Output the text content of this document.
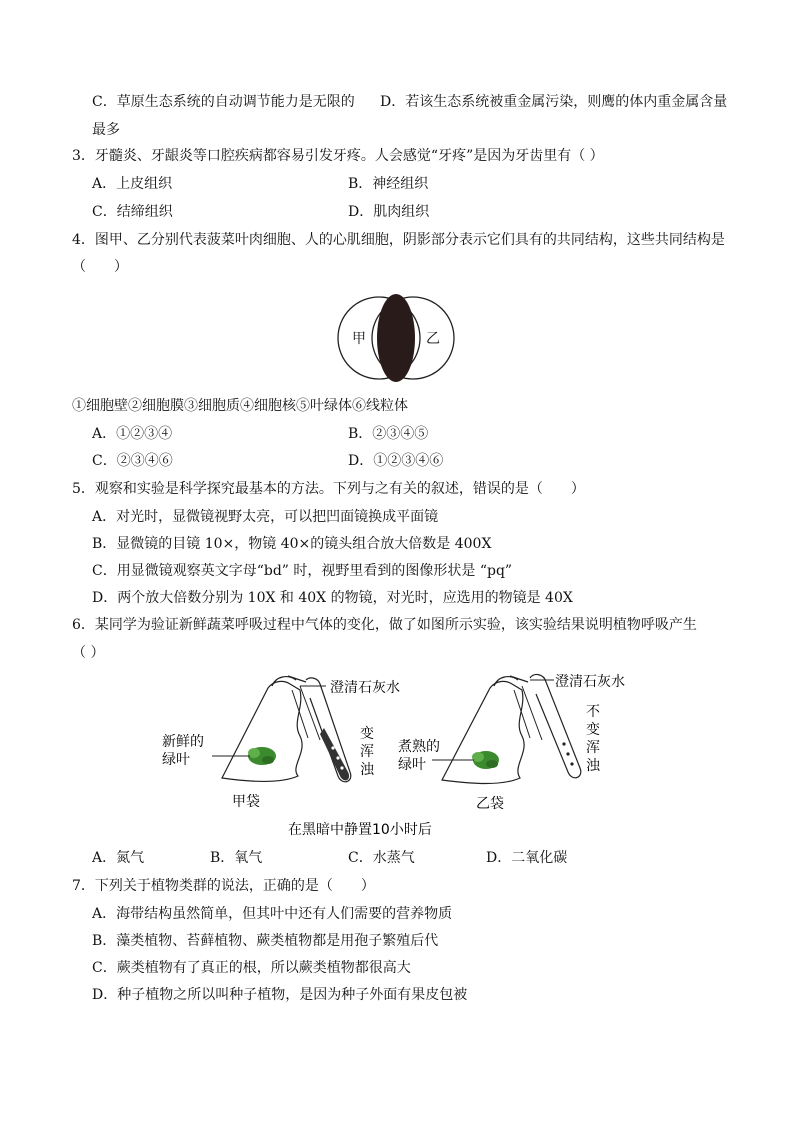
C．草原生态系统的自动调节能力是无限的 D．若该生态系统被重金属污染，则鹰的体内重金属含量
最多
3．牙髓炎、牙龈炎等口腔疾病都容易引发牙疼。人会感觉“牙疼”是因为牙齿里有（ ）
A．上皮组织	B．神经组织
C．结缔组织	D．肌肉组织
4．图甲、乙分别代表菠菜叶肉细胞、人的心肌细胞，阴影部分表示它们具有的共同结构，这些共同结构是
（　　）
甲	乙
①细胞壁②细胞膜③细胞质④细胞核⑤叶绿体⑥线粒体
A．①②③④	B．②③④⑤
C．②③④⑥	D．①②③④⑥
5．观察和实验是科学探究最基本的方法。下列与之有关的叙述，错误的是（　　）
A．对光时，显微镜视野太亮，可以把凹面镜换成平面镜
B．显微镜的目镜 10×，物镜 40×的镜头组合放大倍数是 400X
C．用显微镜观察英文字母“bd” 时，视野里看到的图像形状是 “pq”
D．两个放大倍数分别为 10X 和 40X 的物镜，对光时，应选用的物镜是 40X
6．某同学为验证新鲜蔬菜呼吸过程中气体的变化，做了如图所示实验，该实验结果说明植物呼吸产生
（ ）
澄清石灰水	澄清石灰水
新鲜的
绿叶
煮熟的
绿叶
变
浑
浊
不
变
浑
浊
甲袋	乙袋
在黑暗中静置10小时后
A．氮气	B．氧气	C．水蒸气	D．二氧化碳
7．下列关于植物类群的说法，正确的是（　　）
A．海带结构虽然简单，但其叶中还有人们需要的营养物质
B．藻类植物、苔藓植物、蕨类植物都是用孢子繁殖后代
C．蕨类植物有了真正的根，所以蕨类植物都很高大
D．种子植物之所以叫种子植物，是因为种子外面有果皮包被
